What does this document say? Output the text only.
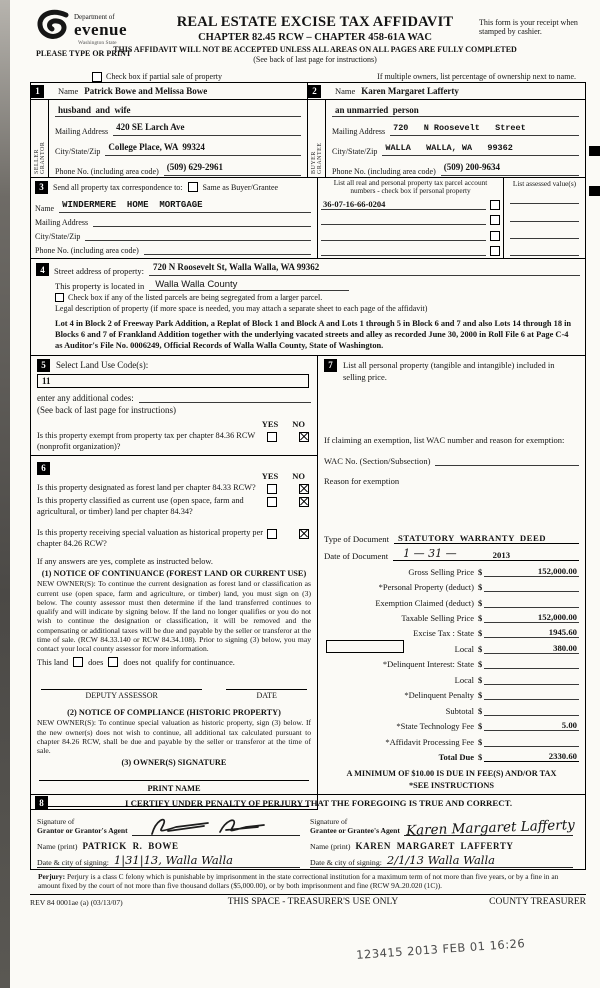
Department of
evenue
Washington State
PLEASE TYPE OR PRINT
REAL ESTATE EXCISE TAX AFFIDAVIT
CHAPTER 82.45 RCW – CHAPTER 458-61A WAC
THIS AFFIDAVIT WILL NOT BE ACCEPTED UNLESS ALL AREAS ON ALL PAGES ARE FULLY COMPLETED
(See back of last page for instructions)
This form is your receipt when stamped by cashier.
Check box if partial sale of property	If multiple owners, list percentage of ownership next to name.
1	Name Patrick Bowe and Melissa Bowe
SELLER GRANTOR
husband  and  wife
Mailing Address 420 SE Larch Ave
City/State/Zip College Place, WA  99324
Phone No. (including area code) (509) 629-2961
2	Name Karen Margaret Lafferty
BUYER GRANTEE
an unmarried  person
Mailing Address 720   N Roosevelt   Street
City/State/Zip WALLA   WALLA, WA   99362
Phone No. (including area code) (509) 200-9634
3	Send all property tax correspondence to:	Same as Buyer/Grantee
Name WINDERMERE  HOME  MORTGAGE
Mailing Address
City/State/Zip
Phone No. (including area code)
List all real and personal property tax parcel account numbers - check box if personal property
36-07-16-66-0204
List assessed value(s)
4	Street address of property:	720 N Roosevelt St, Walla Walla, WA 99362
This property is located in	Walla Walla County
Check box if any of the listed parcels are being segregated from a larger parcel.
Legal description of property (if more space is needed, you may attach a separate sheet to each page of the affidavit)
Lot 4 in Block 2 of Freeway Park Addition, a Replat of Block 1 and Block A and Lots 1 through 5 in Block 6 and 7 and also Lots 14 through 18 in Blocks 6 and 7 of Frankland Addition together with the underlying vacated streets and alley as recorded June 30, 2000 in Roll File 6 at Page C-4 as Auditor's File No. 0006249, Official Records of Walla Walla County, State of Washington.
5	Select Land Use Code(s):
11
enter any additional codes:
(See back of last page for instructions)
YES NO
Is this property exempt from property tax per chapter 84.36 RCW (nonprofit organization)?
6
YES NO
Is this property designated as forest land per chapter 84.33 RCW?
Is this property classified as current use (open space, farm and agricultural, or timber) land per chapter 84.34?
Is this property receiving special valuation as historical property per chapter 84.26 RCW?
If any answers are yes, complete as instructed below.
(1) NOTICE OF CONTINUANCE (FOREST LAND OR CURRENT USE)
NEW OWNER(S): To continue the current designation as forest land or classification as current use (open space, farm and agriculture, or timber) land, you must sign on (3) below. The county assessor must then determine if the land transferred continues to qualify and will indicate by signing below. If the land no longer qualifies or you do not wish to continue the designation or classification, it will be removed and the compensating or additional taxes will be due and payable by the seller or transferor at the time of sale. (RCW 84.33.140 or RCW 84.34.108). Prior to signing (3) below, you may contact your local county assessor for more information.
This land does does not  qualify for continuance.
DEPUTY ASSESSOR	DATE
(2) NOTICE OF COMPLIANCE (HISTORIC PROPERTY)
NEW OWNER(S): To continue special valuation as historic property, sign (3) below. If the new owner(s) does not wish to continue, all additional tax calculated pursuant to chapter 84.26 RCW, shall be due and payable by the seller or transferor at the time of sale.
(3) OWNER(S) SIGNATURE
PRINT NAME
7	List all personal property (tangible and intangible) included in selling price.
If claiming an exemption, list WAC number and reason for exemption:
WAC No. (Section/Subsection)
Reason for exemption
Type of Document	STATUTORY  WARRANTY  DEED
Date of Document	1 — 31 —	2013
Gross Selling Price $	152,000.00
*Personal Property (deduct) $
Exemption Claimed (deduct) $
Taxable Selling Price $	152,000.00
Excise Tax : State $	1945.60
Local $	380.00
*Delinquent Interest: State $
Local $
*Delinquent Penalty $
Subtotal $
*State Technology Fee $	5.00
*Affidavit Processing Fee $
Total Due $	2330.60
A MINIMUM OF $10.00 IS DUE IN FEE(S) AND/OR TAX
*SEE INSTRUCTIONS
8	I CERTIFY UNDER PENALTY OF PERJURY THAT THE FOREGOING IS TRUE AND CORRECT.
Signature of
Grantor or Grantor's Agent
Name (print) PATRICK  R.  BOWE
Date & city of signing: 1|31|13, Walla Walla
Signature of
Grantee or Grantee's Agent Karen Margaret Lafferty
Name (print) KAREN  MARGARET  LAFFERTY
Date & city of signing: 2/1/13 Walla Walla
Perjury: Perjury is a class C felony which is punishable by imprisonment in the state correctional institution for a maximum term of not more than five years, or by a fine in an amount fixed by the court of not more than five thousand dollars ($5,000.00), or by both imprisonment and fine (RCW 9A.20.020 (1C)).
REV 84 0001ae (a) (03/13/07)	THIS SPACE - TREASURER'S USE ONLY	COUNTY TREASURER
123415 2013 FEB 01 16:26
